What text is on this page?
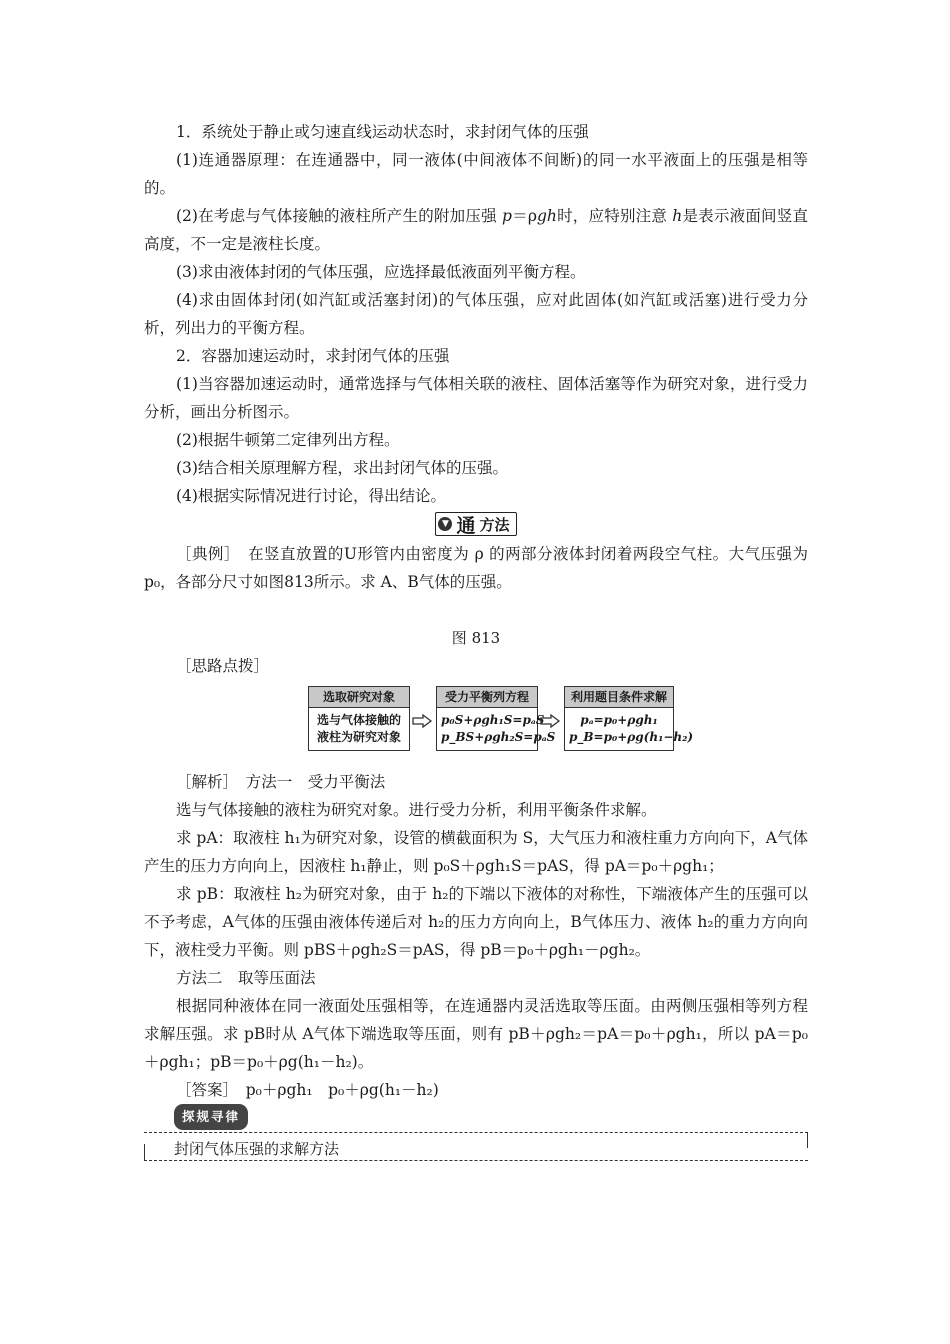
1．系统处于静止或匀速直线运动状态时，求封闭气体的压强

(1)连通器原理：在连通器中，同一液体(中间液体不间断)的同一水平液面上的压强是相等的。

(2)在考虑与气体接触的液柱所产生的附加压强 p＝ρgh时，应特别注意 h是表示液面间竖直高度，不一定是液柱长度。

(3)求由液体封闭的气体压强，应选择最低液面列平衡方程。

(4)求由固体封闭(如汽缸或活塞封闭)的气体压强，应对此固体(如汽缸或活塞)进行受力分析，列出力的平衡方程。

2．容器加速运动时，求封闭气体的压强

(1)当容器加速运动时，通常选择与气体相关联的液柱、固体活塞等作为研究对象，进行受力分析，画出分析图示。

(2)根据牛顿第二定律列出方程。

(3)结合相关原理解方程，求出封闭气体的压强。

(4)根据实际情况进行讨论，得出结论。

▼ 通 方法

［典例］　在竖直放置的U形管内由密度为 ρ 的两部分液体封闭着两段空气柱。大气压强为 p₀，各部分尺寸如图813所示。求 A、B气体的压强。

图 813

［思路点拨］

选取研究对象
选与气体接触的
液柱为研究对象
受力平衡列方程
p₀S+ρgh₁S=pₐS
p_BS+ρgh₂S=pₐS
利用题目条件求解
pₐ=p₀+ρgh₁
p_B=p₀+ρg(h₁−h₂)

［解析］　方法一　受力平衡法

选与气体接触的液柱为研究对象。进行受力分析，利用平衡条件求解。

求 pA：取液柱 h₁为研究对象，设管的横截面积为 S，大气压力和液柱重力方向向下，A气体产生的压力方向向上，因液柱 h₁静止，则 p₀S＋ρgh₁S＝pAS，得 pA＝p₀＋ρgh₁；

求 pB：取液柱 h₂为研究对象，由于 h₂的下端以下液体的对称性，下端液体产生的压强可以不予考虑，A气体的压强由液体传递后对 h₂的压力方向向上，B气体压力、液体 h₂的重力方向向下，液柱受力平衡。则 pBS＋ρgh₂S＝pAS，得 pB＝p₀＋ρgh₁－ρgh₂。

方法二　取等压面法

根据同种液体在同一液面处压强相等，在连通器内灵活选取等压面。由两侧压强相等列方程求解压强。求 pB时从 A气体下端选取等压面，则有 pB＋ρgh₂＝pA＝p₀＋ρgh₁，所以 pA＝p₀＋ρgh₁；pB＝p₀＋ρg(h₁－h₂)。

［答案］　p₀＋ρgh₁　p₀＋ρg(h₁－h₂)

探规寻律
封闭气体压强的求解方法
